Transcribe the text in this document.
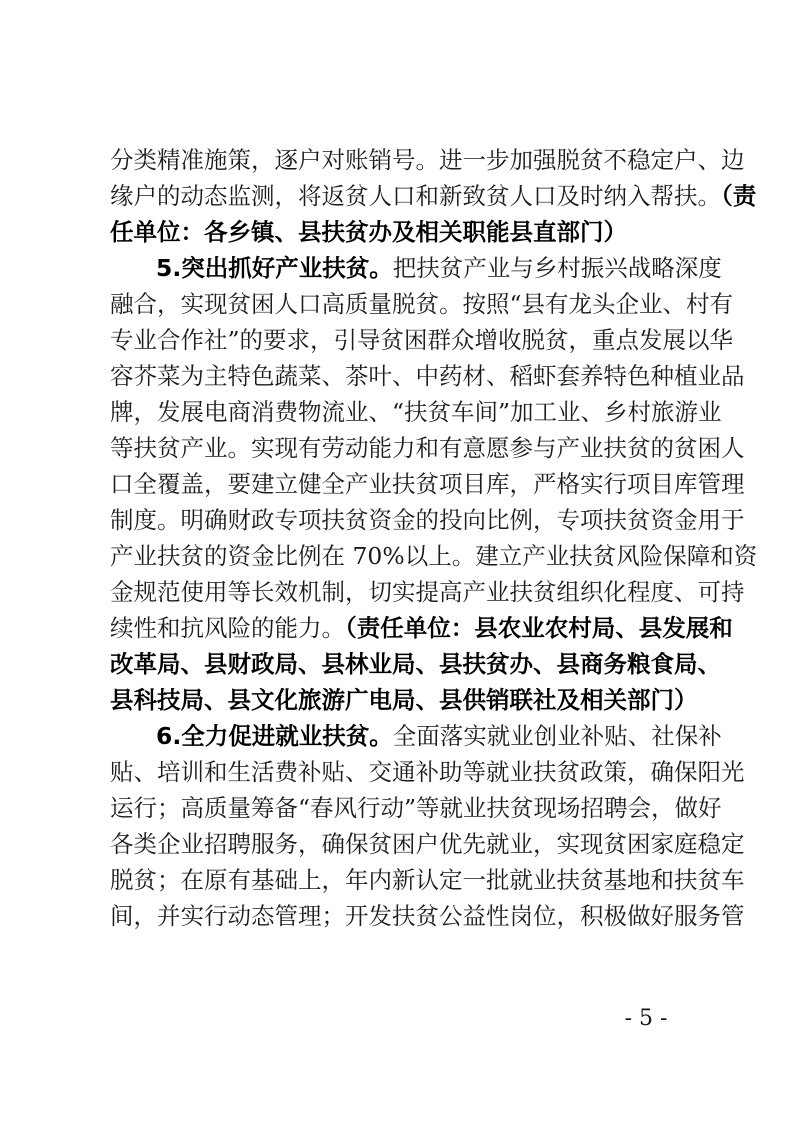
分类精准施策，逐户对账销号。进一步加强脱贫不稳定户、边
缘户的动态监测，将返贫人口和新致贫人口及时纳入帮扶。（责
任单位：各乡镇、县扶贫办及相关职能县直部门）
5.突出抓好产业扶贫。把扶贫产业与乡村振兴战略深度
融合，实现贫困人口高质量脱贫。按照“县有龙头企业、村有
专业合作社”的要求，引导贫困群众增收脱贫，重点发展以华
容芥菜为主特色蔬菜、茶叶、中药材、稻虾套养特色种植业品
牌，发展电商消费物流业、“扶贫车间”加工业、乡村旅游业
等扶贫产业。实现有劳动能力和有意愿参与产业扶贫的贫困人
口全覆盖，要建立健全产业扶贫项目库，严格实行项目库管理
制度。明确财政专项扶贫资金的投向比例，专项扶贫资金用于
产业扶贫的资金比例在 70%以上。建立产业扶贫风险保障和资
金规范使用等长效机制，切实提高产业扶贫组织化程度、可持
续性和抗风险的能力。（责任单位：县农业农村局、县发展和
改革局、县财政局、县林业局、县扶贫办、县商务粮食局、
县科技局、县文化旅游广电局、县供销联社及相关部门）
6.全力促进就业扶贫。全面落实就业创业补贴、社保补
贴、培训和生活费补贴、交通补助等就业扶贫政策，确保阳光
运行；高质量筹备“春风行动”等就业扶贫现场招聘会，做好
各类企业招聘服务，确保贫困户优先就业，实现贫困家庭稳定
脱贫；在原有基础上，年内新认定一批就业扶贫基地和扶贫车
间，并实行动态管理；开发扶贫公益性岗位，积极做好服务管
- 5 -
